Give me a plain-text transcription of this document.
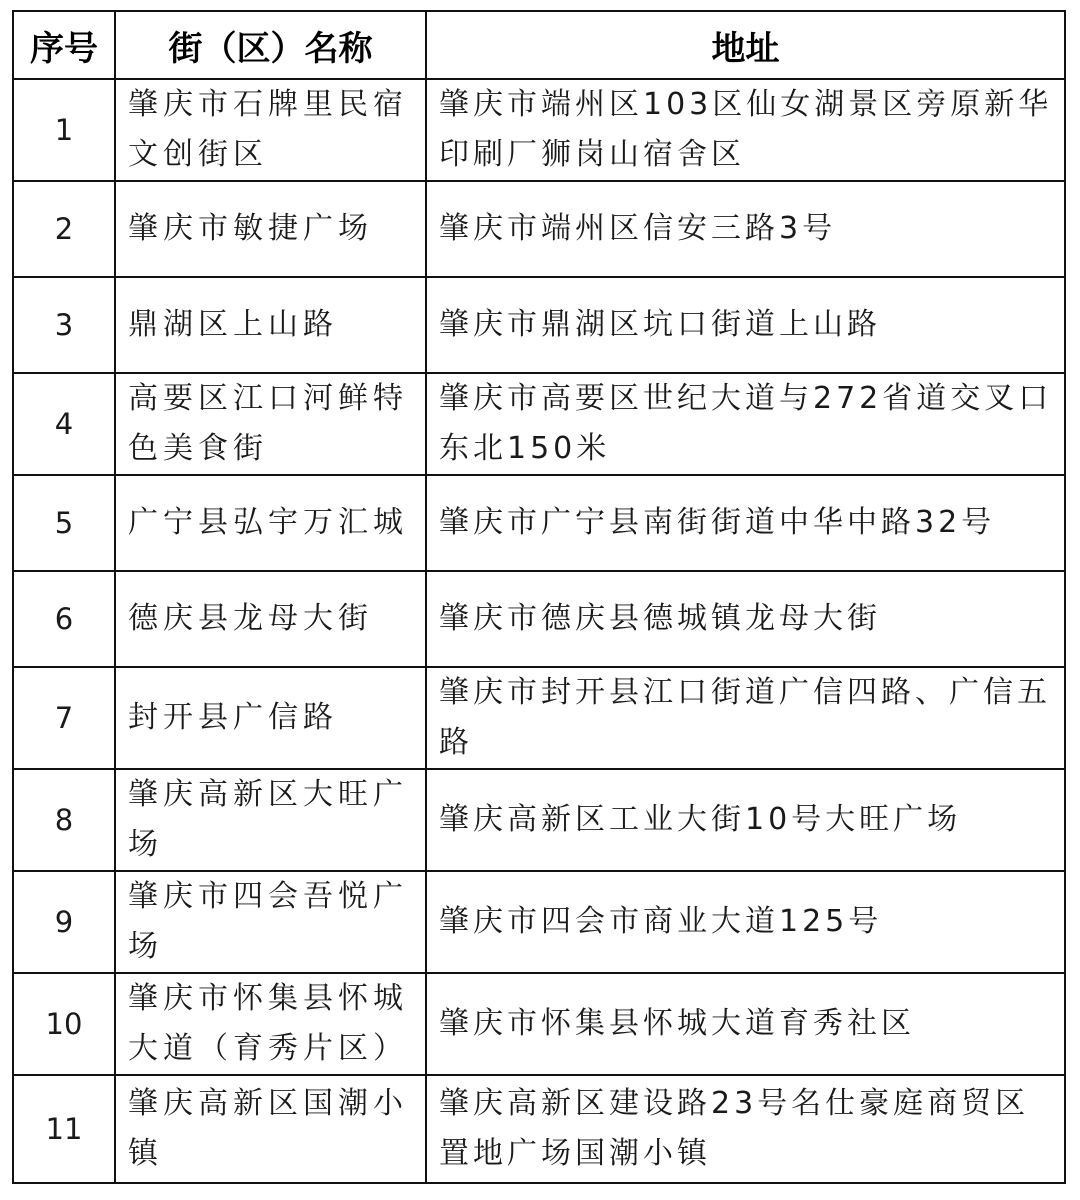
序号	街（区）名称	地址
1	肇庆市石牌里民宿文创街区	肇庆市端州区103区仙女湖景区旁原新华印刷厂狮岗山宿舍区
2	肇庆市敏捷广场	肇庆市端州区信安三路3号
3	鼎湖区上山路	肇庆市鼎湖区坑口街道上山路
4	高要区江口河鲜特色美食街	肇庆市高要区世纪大道与272省道交叉口东北150米
5	广宁县弘宇万汇城	肇庆市广宁县南街街道中华中路32号
6	德庆县龙母大街	肇庆市德庆县德城镇龙母大街
7	封开县广信路	肇庆市封开县江口街道广信四路、广信五路
8	肇庆高新区大旺广场	肇庆高新区工业大街10号大旺广场
9	肇庆市四会吾悦广场	肇庆市四会市商业大道125号
10	肇庆市怀集县怀城大道（育秀片区）	肇庆市怀集县怀城大道育秀社区
11	肇庆高新区国潮小镇	肇庆高新区建设路23号名仕豪庭商贸区置地广场国潮小镇
